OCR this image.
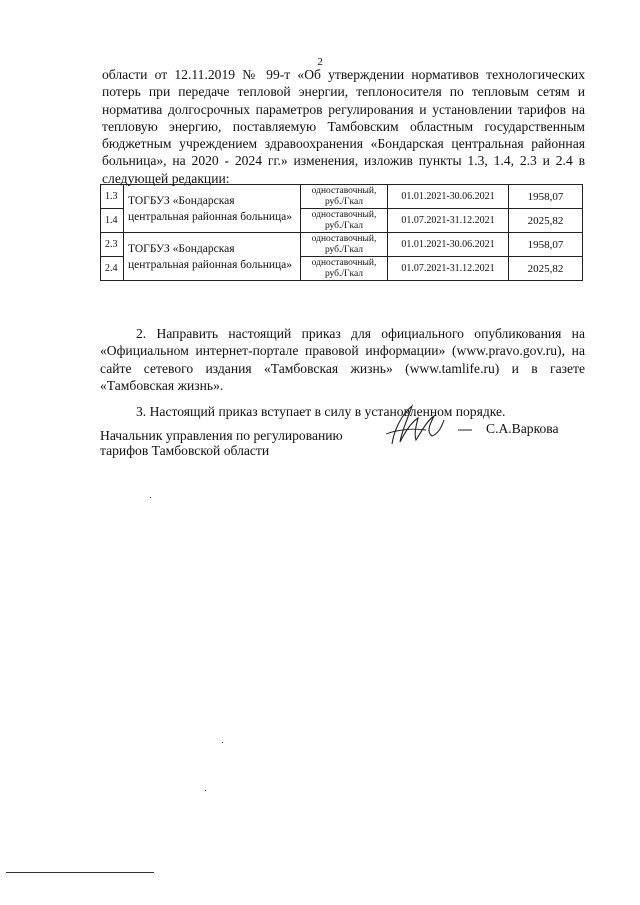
2

области от 12.11.2019 № 99-т «Об утверждении нормативов технологических потерь при передаче тепловой энергии, теплоносителя по тепловым сетям и норматива долгосрочных параметров регулирования и установлении тарифов на тепловую энергию, поставляемую Тамбовским областным государственным бюджетным учреждением здравоохранения «Бондарская центральная районная больница», на 2020 - 2024 гг.» изменения, изложив пункты 1.3, 1.4, 2.3 и 2.4 в следующей редакции:

1.3	ТОГБУЗ «Бондарская центральная районная больница»	одноставочный, руб./Гкал	01.01.2021-30.06.2021	1958,07
1.4		одноставочный, руб./Гкал	01.07.2021-31.12.2021	2025,82
2.3	ТОГБУЗ «Бондарская центральная районная больница»	одноставочный, руб./Гкал	01.01.2021-30.06.2021	1958,07
2.4		одноставочный, руб./Гкал	01.07.2021-31.12.2021	2025,82

2. Направить настоящий приказ для официального опубликования на «Официальном интернет-портале правовой информации» (www.pravo.gov.ru), на сайте сетевого издания «Тамбовская жизнь» (www.tamlife.ru) и в газете «Тамбовская жизнь».

3. Настоящий приказ вступает в силу в установленном порядке.

Начальник управления по регулированию тарифов Тамбовской области
С.А.Варкова
